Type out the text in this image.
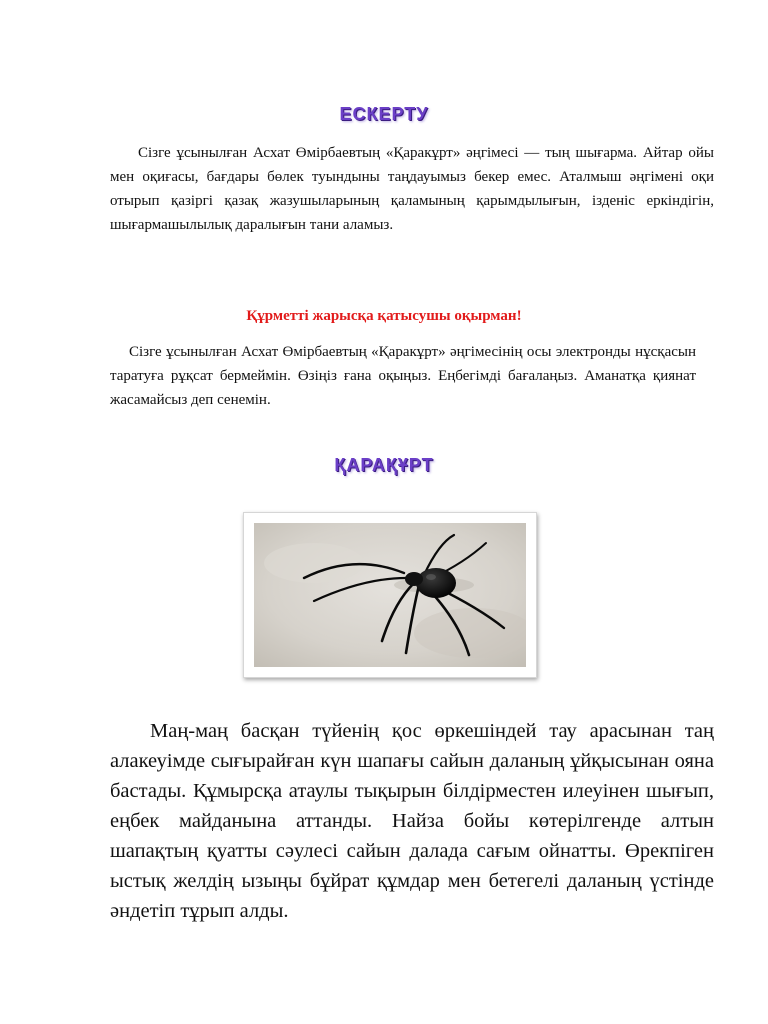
ЕСКЕРТУ
Сізге ұсынылған Асхат Өмірбаевтың «Қаракұрт» әңгімесі — тың шығарма. Айтар ойы мен оқиғасы, бағдары бөлек туындыны таңдауымыз бекер емес. Аталмыш әңгімені оқи отырып қазіргі қазақ жазушыларының қаламының қарымдылығын, ізденіс еркіндігін, шығармашылылық даралығын тани аламыз.
Құрметті жарысқа қатысушы оқырман!
Сізге ұсынылған Асхат Өмірбаевтың «Қаракұрт» әңгімесінің осы электронды нұсқасын таратуға рұқсат бермеймін. Өзіңіз ғана оқыңыз. Еңбегімді бағалаңыз. Аманатқа қиянат жасамайсыз деп сенемін.
ҚАРАҚҰРТ
Маң-маң басқан түйенің қос өркешіндей тау арасынан таң алакеуімде сығырайған күн шапағы сайын даланың ұйқысынан ояна бастады. Құмырсқа атаулы тықырын білдірместен илеуінен шығып, еңбек майданына аттанды. Найза бойы көтерілгенде алтын шапақтың қуатты сәулесі сайын далада сағым ойнатты. Өрекпіген ыстық желдің ызыңы бұйрат құмдар мен бетегелі даланың үстінде әндетіп тұрып алды.
